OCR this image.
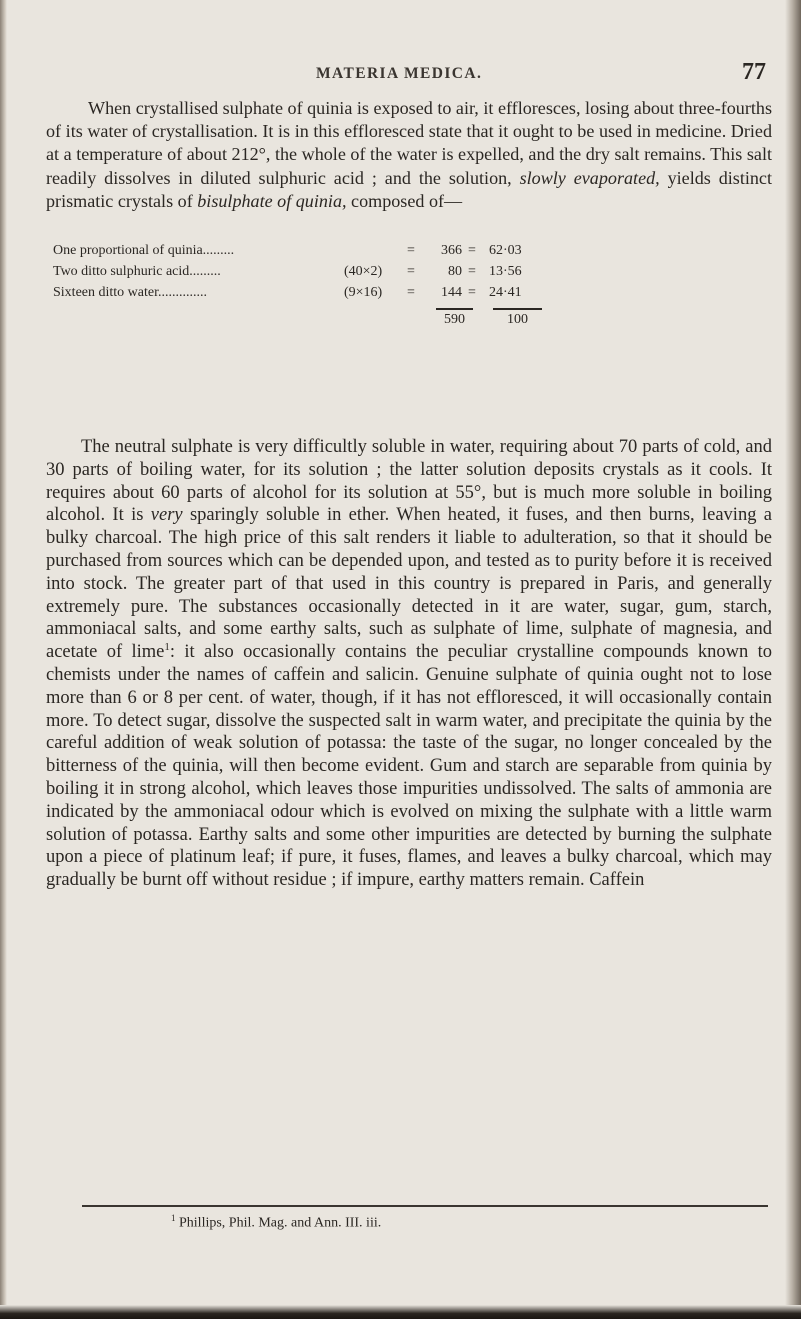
MATERIA MEDICA.	77

When crystallised sulphate of quinia is exposed to air, it effloresces, losing about three-fourths of its water of crystallisation. It is in this effloresced state that it ought to be used in medicine. Dried at a temperature of about 212°, the whole of the water is expelled, and the dry salt remains. This salt readily dissolves in diluted sulphuric acid ; and the solution, slowly evaporated, yields distinct prismatic crystals of bisulphate of quinia, composed of—

One proportional of quinia.........	=	366 = 62·03
Two ditto sulphuric acid.........	(40×2) =	80 = 13·56
Sixteen ditto water..............	(9×16) =	144 = 24·41
590	100

The neutral sulphate is very difficultly soluble in water, requiring about 70 parts of cold, and 30 parts of boiling water, for its solution ; the latter solution deposits crystals as it cools. It requires about 60 parts of alcohol for its solution at 55°, but is much more soluble in boiling alcohol. It is very sparingly soluble in ether. When heated, it fuses, and then burns, leaving a bulky charcoal. The high price of this salt renders it liable to adulteration, so that it should be purchased from sources which can be depended upon, and tested as to purity before it is received into stock. The greater part of that used in this country is prepared in Paris, and generally extremely pure. The substances occasionally detected in it are water, sugar, gum, starch, ammoniacal salts, and some earthy salts, such as sulphate of lime, sulphate of magnesia, and acetate of lime$^1$: it also occasionally contains the peculiar crystalline compounds known to chemists under the names of caffein and salicin. Genuine sulphate of quinia ought not to lose more than 6 or 8 per cent. of water, though, if it has not effloresced, it will occasionally contain more. To detect sugar, dissolve the suspected salt in warm water, and precipitate the quinia by the careful addition of weak solution of potassa: the taste of the sugar, no longer concealed by the bitterness of the quinia, will then become evident. Gum and starch are separable from quinia by boiling it in strong alcohol, which leaves those impurities undissolved. The salts of ammonia are indicated by the ammoniacal odour which is evolved on mixing the sulphate with a little warm solution of potassa. Earthy salts and some other impurities are detected by burning the sulphate upon a piece of platinum leaf; if pure, it fuses, flames, and leaves a bulky charcoal, which may gradually be burnt off without residue ; if impure, earthy matters remain. Caffein

$^1$ Phillips, Phil. Mag. and Ann. III. iii.
